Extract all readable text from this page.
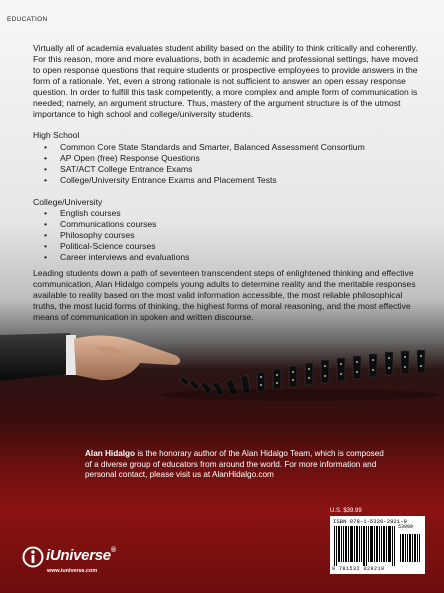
EDUCATION

Virtually all of academia evaluates student ability based on the ability to think critically and coherently. For this reason, more and more evaluations, both in academic and professional settings, have moved to open response questions that require students or prospective employees to provide answers in the form of a rationale. Yet, even a strong rationale is not sufficient to answer an open essay response question. In order to fulfill this task competently, a more complex and ample form of communication is needed; namely, an argument structure. Thus, mastery of the argument structure is of the utmost importance to high school and college/university students.

High School
• Common Core State Standards and Smarter, Balanced Assessment Consortium
• AP Open (free) Response Questions
• SAT/ACT College Entrance Exams
• College/University Entrance Exams and Placement Tests
College/University
• English courses
• Communications courses
• Philosophy courses
• Political-Science courses
• Career interviews and evaluations

Leading students down a path of seventeen transcendent steps of enlightened thinking and effective communication, Alan Hidalgo compels young adults to determine reality and the meritable responses available to reality based on the most valid information accessible, the most reliable philosophical truths, the most lucid forms of thinking, the highest forms of moral reasoning, and the most effective means of communication in spoken and written discourse.

Alan Hidalgo is the honorary author of the Alan Hidalgo Team, which is composed of a diverse group of educators from around the world. For more information and personal contact, please visit us at AlanHidalgo.com

U.S. $39.99
ISBN 978-1-5320-2921-9
53999
9 781532 029219
iUniverse®
www.iuniverse.com
